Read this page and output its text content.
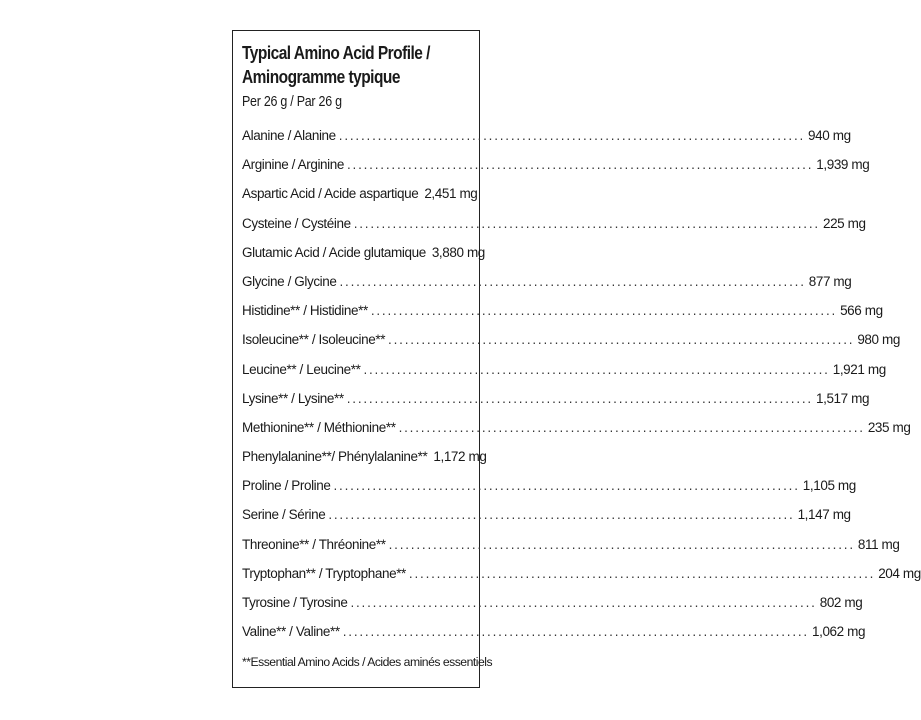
Typical Amino Acid Profile /
Aminogramme typique
Per 26 g / Par 26 g
Alanine / Alanine .....	940 mg
Arginine / Arginine .....	1,939 mg
Aspartic Acid / Acide aspartique 2,451 mg
Cysteine / Cystéine .....	225 mg
Glutamic Acid / Acide glutamique 3,880 mg
Glycine / Glycine .....	877 mg
Histidine** / Histidine** .....	566 mg
Isoleucine** / Isoleucine** .....	980 mg
Leucine** / Leucine** .....	1,921 mg
Lysine** / Lysine** .....	1,517 mg
Methionine** / Méthionine** .....	235 mg
Phenylalanine**/ Phénylalanine** 1,172 mg
Proline / Proline .....	1,105 mg
Serine / Sérine .....	1,147 mg
Threonine** / Thréonine** .....	811 mg
Tryptophan** / Tryptophane** .....	204 mg
Tyrosine / Tyrosine .....	802 mg
Valine** / Valine** .....	1,062 mg
**Essential Amino Acids / Acides aminés essentiels
